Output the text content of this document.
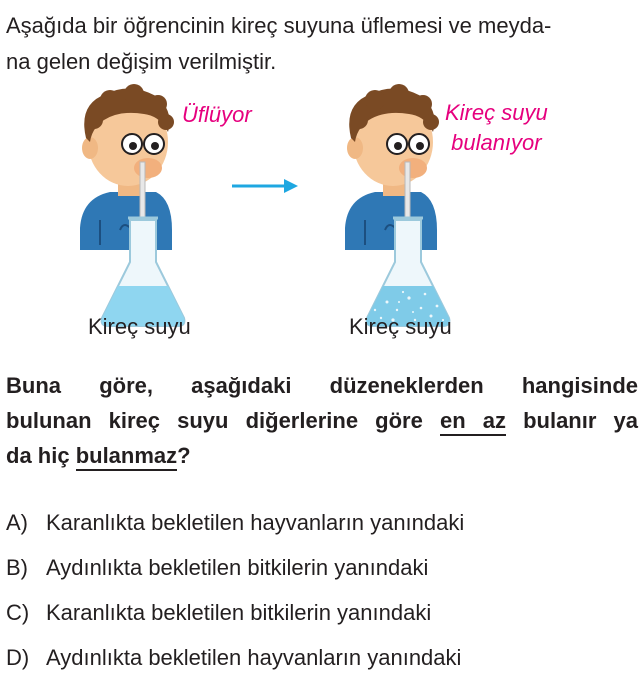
Aşağıda bir öğrencinin kireç suyuna üflemesi ve meyda-
na gelen değişim verilmiştir.
Üflüyor
Kireç suyu
Kireç suyu
bulanıyor
Kireç suyu
Buna göre, aşağıdaki düzeneklerden hangisinde
bulunan kireç suyu diğerlerine göre en az bulanır ya
da hiç bulanmaz?
A) Karanlıkta bekletilen hayvanların yanındaki
B) Aydınlıkta bekletilen bitkilerin yanındaki
C) Karanlıkta bekletilen bitkilerin yanındaki
D) Aydınlıkta bekletilen hayvanların yanındaki
